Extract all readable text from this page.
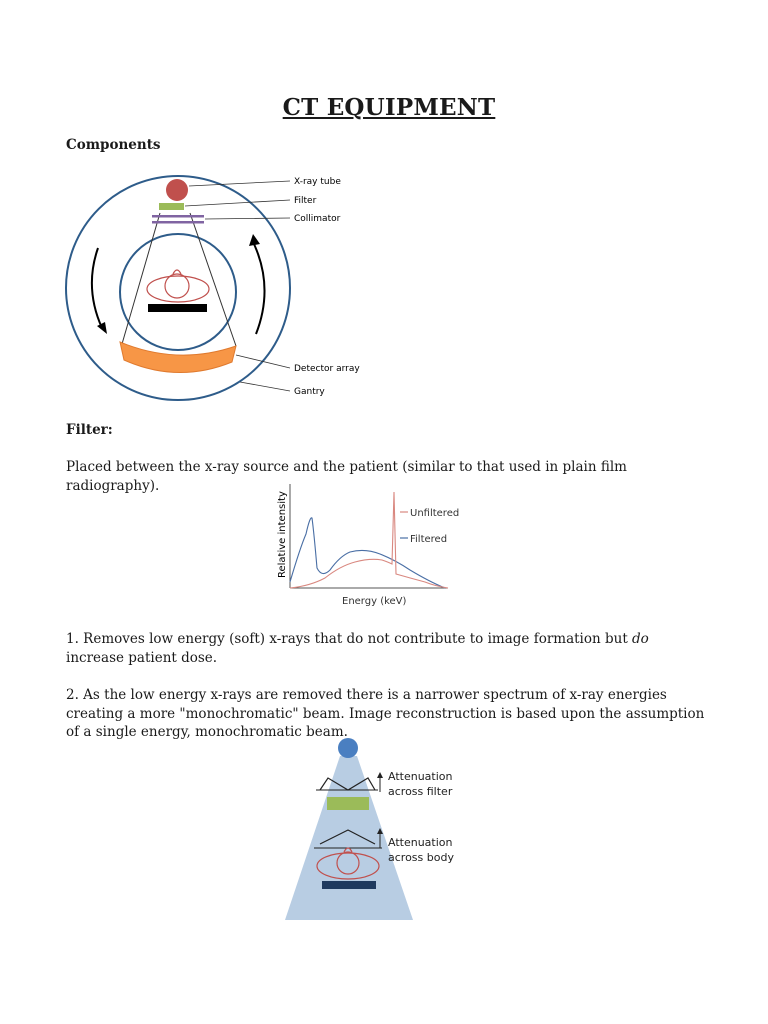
CT EQUIPMENT
Components
X-ray tube
Filter
Collimator
Detector array
Gantry
Filter:
Placed between the x-ray source and the patient (similar to that used in plain film radiography).
Relative intensity	Unfiltered
Filtered
Energy (keV)
1. Removes low energy (soft) x-rays that do not contribute to image formation but do increase patient dose.
2. As the low energy x-rays are removed there is a narrower spectrum of x-ray energies creating a more "monochromatic" beam. Image reconstruction is based upon the assumption of a single energy, monochromatic beam.
Attenuation
across filter
Attenuation
across body
